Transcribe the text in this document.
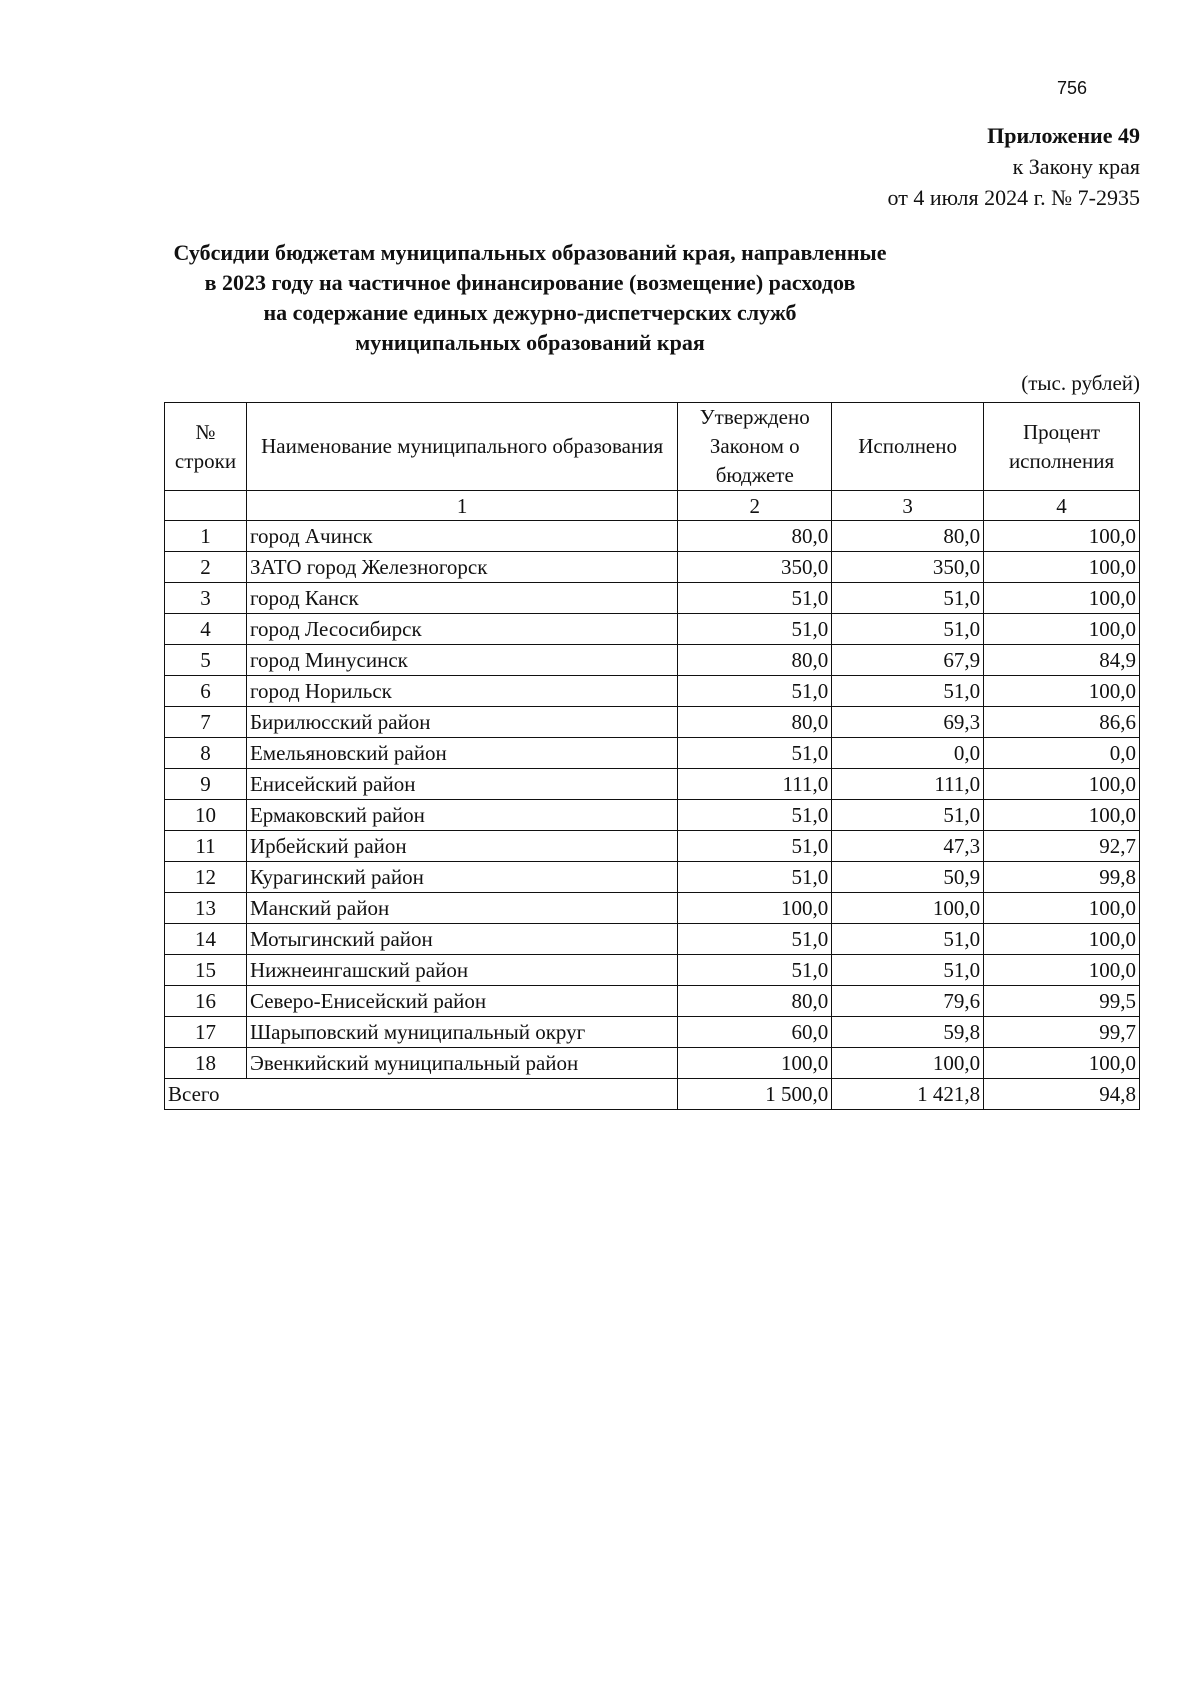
756
Приложение 49
к Закону края
от 4 июля 2024 г. № 7-2935
Субсидии бюджетам муниципальных образований края, направленные
в 2023 году на частичное финансирование (возмещение) расходов
на содержание единых дежурно-диспетчерских служб
муниципальных образований края
(тыс. рублей)
№ строки	Наименование муниципального образования	Утверждено Законом о бюджете	Исполнено	Процент исполнения
	1	2	3	4
1	город Ачинск	80,0	80,0	100,0
2	ЗАТО город Железногорск	350,0	350,0	100,0
3	город Канск	51,0	51,0	100,0
4	город Лесосибирск	51,0	51,0	100,0
5	город Минусинск	80,0	67,9	84,9
6	город Норильск	51,0	51,0	100,0
7	Бирилюсский район	80,0	69,3	86,6
8	Емельяновский район	51,0	0,0	0,0
9	Енисейский район	111,0	111,0	100,0
10	Ермаковский район	51,0	51,0	100,0
11	Ирбейский район	51,0	47,3	92,7
12	Курагинский район	51,0	50,9	99,8
13	Манский район	100,0	100,0	100,0
14	Мотыгинский район	51,0	51,0	100,0
15	Нижнеингашский район	51,0	51,0	100,0
16	Северо-Енисейский район	80,0	79,6	99,5
17	Шарыповский муниципальный округ	60,0	59,8	99,7
18	Эвенкийский муниципальный район	100,0	100,0	100,0
Всего		1 500,0	1 421,8	94,8
